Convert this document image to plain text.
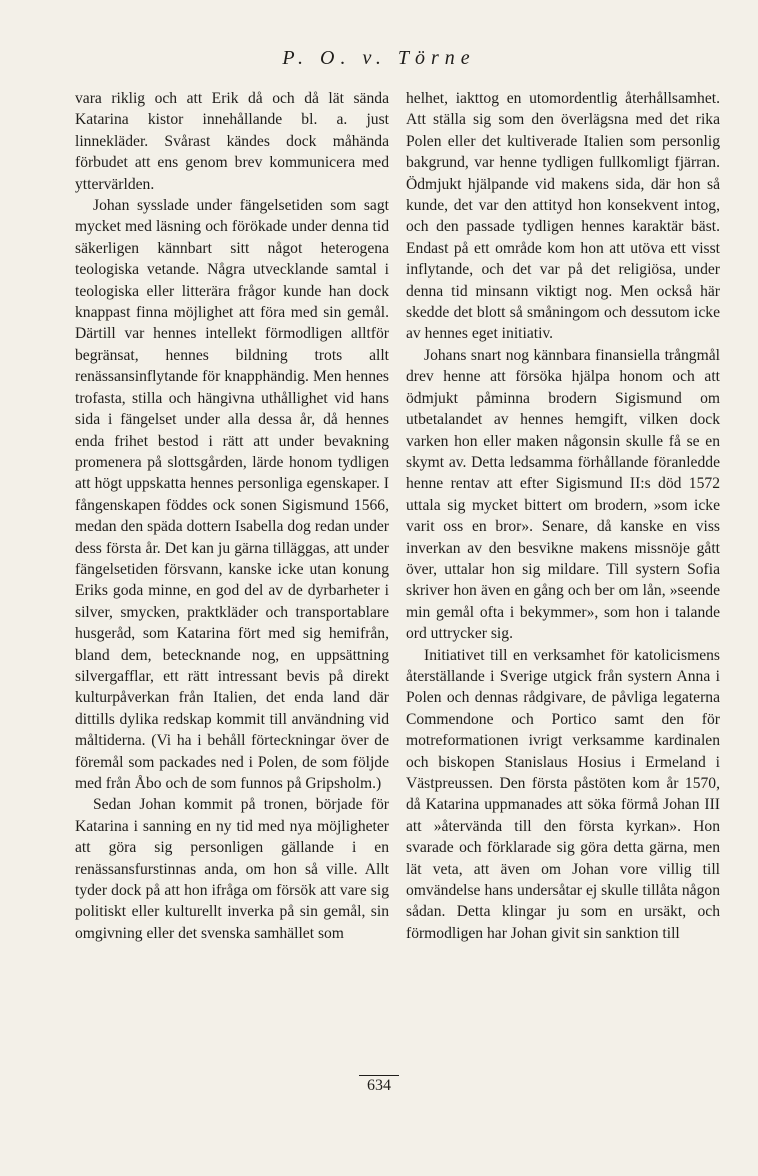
P. O. v. Törne

vara riklig och att Erik då och då lät sända Katarina kistor innehållande bl. a. just linnekläder. Svårast kändes dock måhända förbudet att ens genom brev kommunicera med yttervärlden.

Johan sysslade under fängelsetiden som sagt mycket med läsning och förökade under denna tid säkerligen kännbart sitt något heterogena teologiska vetande. Några utvecklande samtal i teologiska eller litterära frågor kunde han dock knappast finna möjlighet att föra med sin gemål. Därtill var hennes intellekt förmodligen alltför begränsat, hennes bildning trots allt renässansinflytande för knapphändig. Men hennes trofasta, stilla och hängivna uthållighet vid hans sida i fängelset under alla dessa år, då hennes enda frihet bestod i rätt att under bevakning promenera på slottsgården, lärde honom tydligen att högt uppskatta hennes personliga egenskaper. I fångenskapen föddes ock sonen Sigismund 1566, medan den späda dottern Isabella dog redan under dess första år. Det kan ju gärna tilläggas, att under fängelsetiden försvann, kanske icke utan konung Eriks goda minne, en god del av de dyrbarheter i silver, smycken, praktkläder och transportablare husgeråd, som Katarina fört med sig hemifrån, bland dem, betecknande nog, en uppsättning silvergafflar, ett rätt intressant bevis på direkt kulturpåverkan från Italien, det enda land där dittills dylika redskap kommit till användning vid måltiderna. (Vi ha i behåll förteckningar över de föremål som packades ned i Polen, de som följde med från Åbo och de som funnos på Gripsholm.)

Sedan Johan kommit på tronen, började för Katarina i sanning en ny tid med nya möjligheter att göra sig personligen gällande i en renässansfurstinnas anda, om hon så ville. Allt tyder dock på att hon ifråga om försök att vare sig politiskt eller kulturellt inverka på sin gemål, sin omgivning eller det svenska samhället som

helhet, iakttog en utomordentlig återhållsamhet. Att ställa sig som den överlägsna med det rika Polen eller det kultiverade Italien som personlig bakgrund, var henne tydligen fullkomligt fjärran. Ödmjukt hjälpande vid makens sida, där hon så kunde, det var den attityd hon konsekvent intog, och den passade tydligen hennes karaktär bäst. Endast på ett område kom hon att utöva ett visst inflytande, och det var på det religiösa, under denna tid minsann viktigt nog. Men också här skedde det blott så småningom och dessutom icke av hennes eget initiativ.

Johans snart nog kännbara finansiella trångmål drev henne att försöka hjälpa honom och att ödmjukt påminna brodern Sigismund om utbetalandet av hennes hemgift, vilken dock varken hon eller maken någonsin skulle få se en skymt av. Detta ledsamma förhållande föranledde henne rentav att efter Sigismund II:s död 1572 uttala sig mycket bittert om brodern, »som icke varit oss en bror». Senare, då kanske en viss inverkan av den besvikne makens missnöje gått över, uttalar hon sig mildare. Till systern Sofia skriver hon även en gång och ber om lån, »seende min gemål ofta i bekymmer», som hon i talande ord uttrycker sig.

Initiativet till en verksamhet för katolicismens återställande i Sverige utgick från systern Anna i Polen och dennas rådgivare, de påvliga legaterna Commendone och Portico samt den för motreformationen ivrigt verksamme kardinalen och biskopen Stanislaus Hosius i Ermeland i Västpreussen. Den första påstöten kom år 1570, då Katarina uppmanades att söka förmå Johan III att »återvända till den första kyrkan». Hon svarade och förklarade sig göra detta gärna, men lät veta, att även om Johan vore villig till omvändelse hans undersåtar ej skulle tillåta någon sådan. Detta klingar ju som en ursäkt, och förmodligen har Johan givit sin sanktion till

634
